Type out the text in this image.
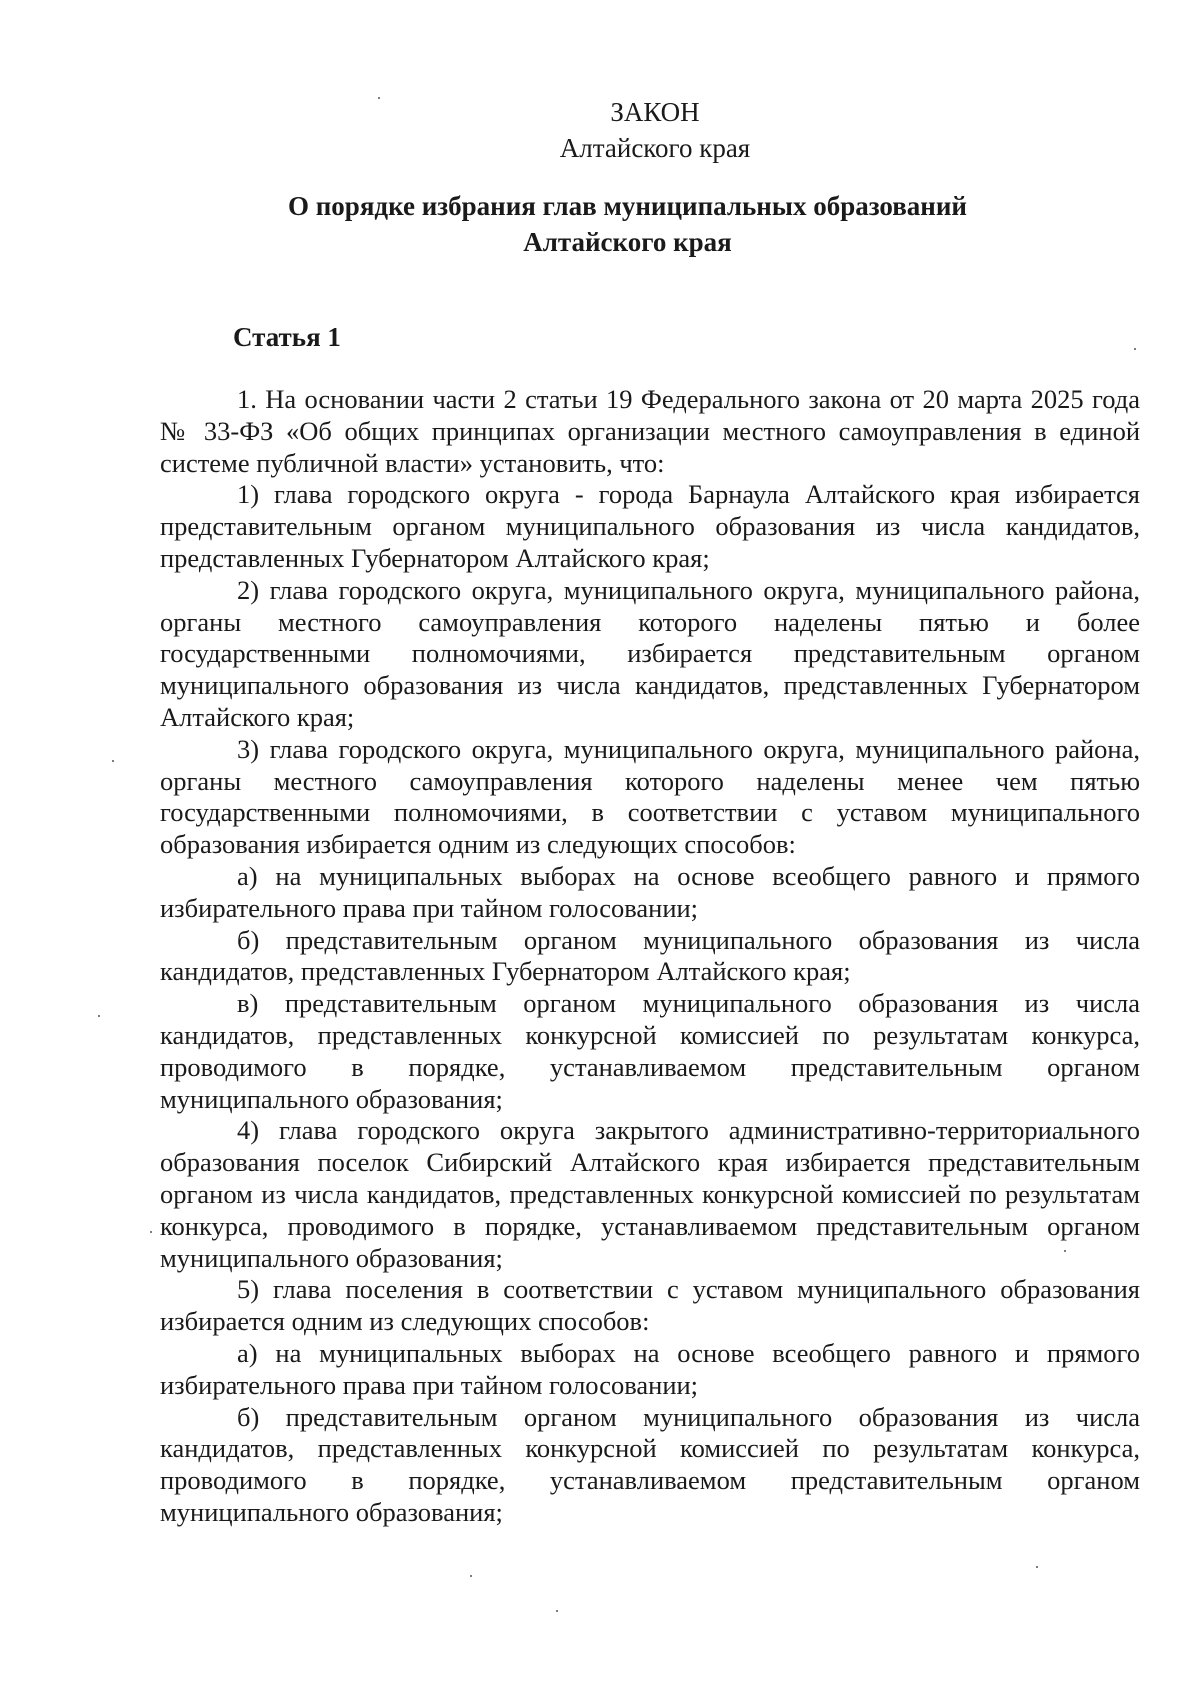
ЗАКОН
Алтайского края
О порядке избрания глав муниципальных образований
Алтайского края
Статья 1

1. На основании части 2 статьи 19 Федерального закона от 20 марта 2025 года № 33-ФЗ «Об общих принципах организации местного самоуправления в единой системе публичной власти» установить, что:

1) глава городского округа - города Барнаула Алтайского края избирается представительным органом муниципального образования из числа кандидатов, представленных Губернатором Алтайского края;

2) глава городского округа, муниципального округа, муниципального района, органы местного самоуправления которого наделены пятью и более государственными полномочиями, избирается представительным органом муниципального образования из числа кандидатов, представленных Губернатором Алтайского края;

3) глава городского округа, муниципального округа, муниципального района, органы местного самоуправления которого наделены менее чем пятью государственными полномочиями, в соответствии с уставом муниципального образования избирается одним из следующих способов:

а) на муниципальных выборах на основе всеобщего равного и прямого избирательного права при тайном голосовании;

б) представительным органом муниципального образования из числа кандидатов, представленных Губернатором Алтайского края;

в) представительным органом муниципального образования из числа кандидатов, представленных конкурсной комиссией по результатам конкурса, проводимого в порядке, устанавливаемом представительным органом муниципального образования;

4) глава городского округа закрытого административно-территориального образования поселок Сибирский Алтайского края избирается представительным органом из числа кандидатов, представленных конкурсной комиссией по результатам конкурса, проводимого в порядке, устанавливаемом представительным органом муниципального образования;

5) глава поселения в соответствии с уставом муниципального образования избирается одним из следующих способов:

а) на муниципальных выборах на основе всеобщего равного и прямого избирательного права при тайном голосовании;

б) представительным органом муниципального образования из числа кандидатов, представленных конкурсной комиссией по результатам конкурса, проводимого в порядке, устанавливаемом представительным органом муниципального образования;
